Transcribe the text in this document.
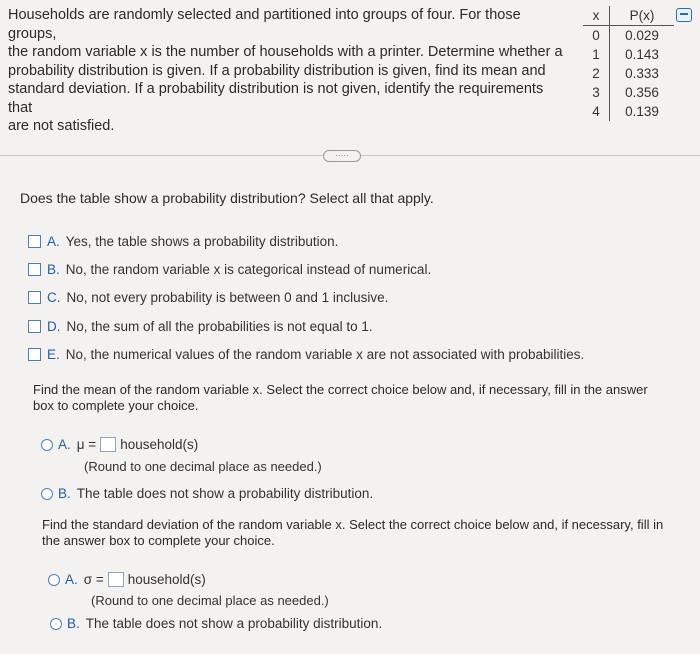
Households are randomly selected and partitioned into groups of four. For those groups,
the random variable x is the number of households with a printer. Determine whether a
probability distribution is given. If a probability distribution is given, find its mean and
standard deviation. If a probability distribution is not given, identify the requirements that
are not satisfied.
x	P(x)
0	0.029
1	0.143
2	0.333
3	0.356
4	0.139
·····
Does the table show a probability distribution? Select all that apply.
A. Yes, the table shows a probability distribution.
B. No, the random variable x is categorical instead of numerical.
C. No, not every probability is between 0 and 1 inclusive.
D. No, the sum of all the probabilities is not equal to 1.
E. No, the numerical values of the random variable x are not associated with probabilities.
Find the mean of the random variable x. Select the correct choice below and, if necessary, fill in the answer
box to complete your choice.
A. μ = household(s)
(Round to one decimal place as needed.)
B. The table does not show a probability distribution.
Find the standard deviation of the random variable x. Select the correct choice below and, if necessary, fill in
the answer box to complete your choice.
A. σ = household(s)
(Round to one decimal place as needed.)
B. The table does not show a probability distribution.
